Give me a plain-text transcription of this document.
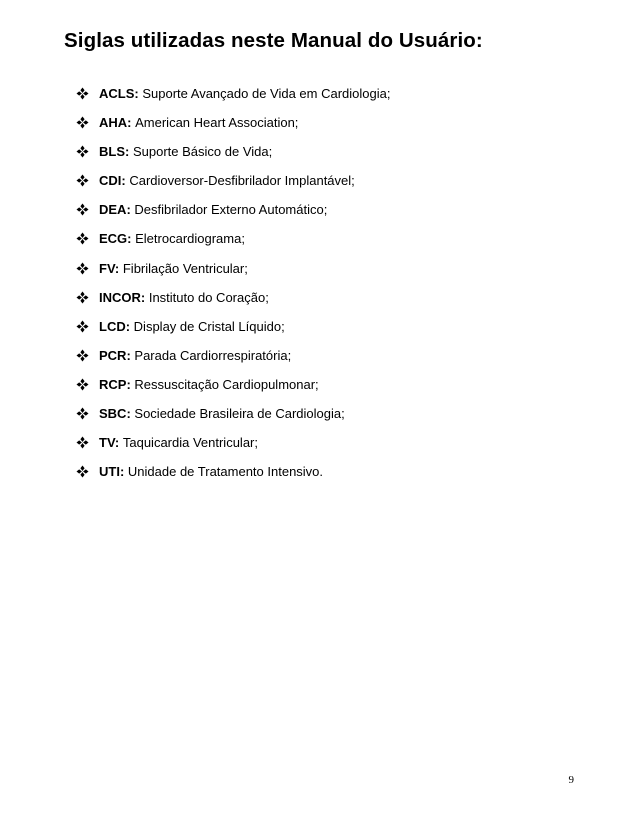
Siglas utilizadas neste Manual do Usuário:
ACLS:
Suporte Avançado de Vida em Cardiologia;
AHA:
American Heart Association;
BLS:
Suporte Básico de Vida;
CDI:
Cardioversor-Desfibrilador Implantável;
DEA:
Desfibrilador Externo Automático;
ECG:
Eletrocardiograma;
FV:
Fibrilação Ventricular;
INCOR:
Instituto do Coração;
LCD:
Display de Cristal Líquido;
PCR:
Parada Cardiorrespiratória;
RCP:
Ressuscitação Cardiopulmonar;
SBC:
Sociedade Brasileira de Cardiologia;
TV:
Taquicardia Ventricular;
UTI:
Unidade de Tratamento Intensivo.
9
